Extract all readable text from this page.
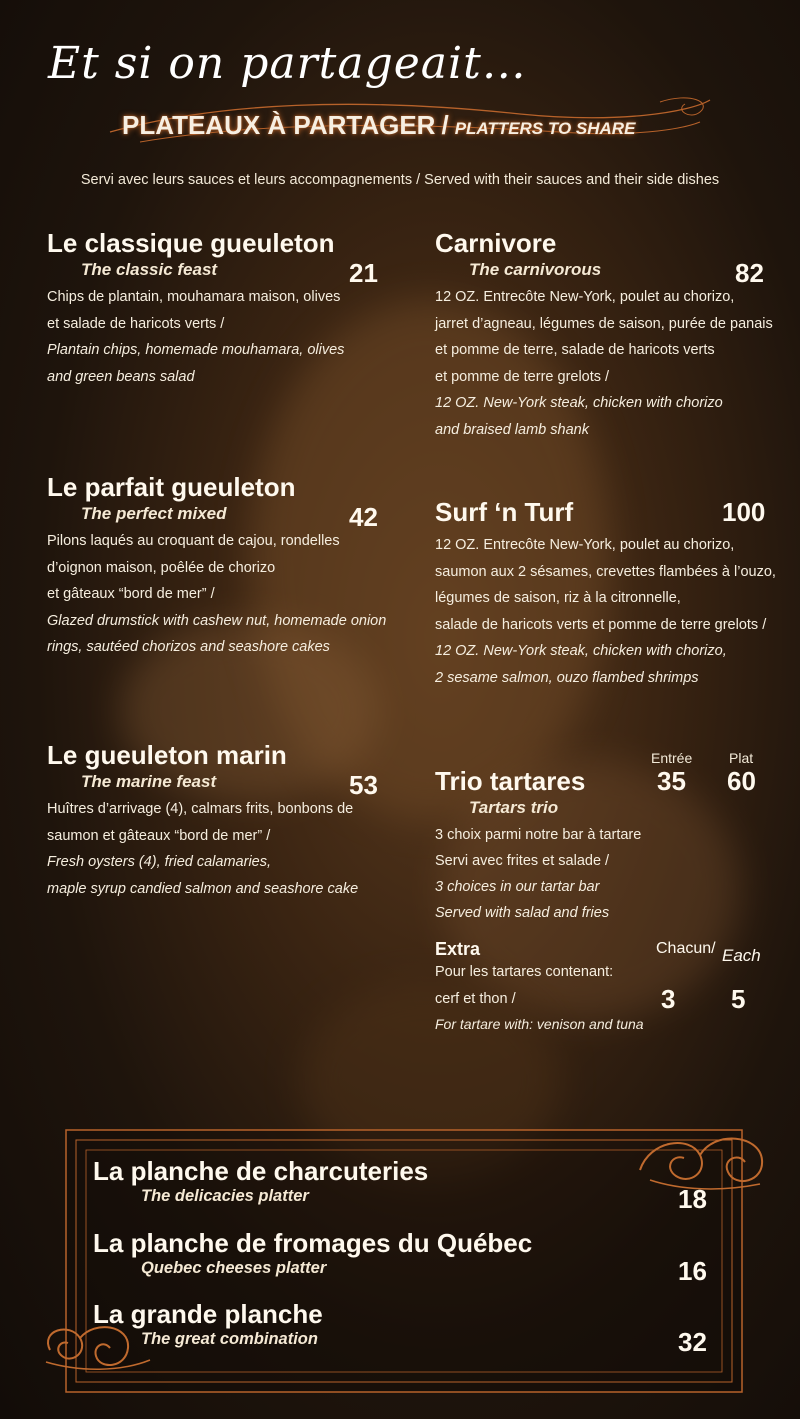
Et si on partageait…
PLATEAUX À PARTAGER / PLATTERS TO SHARE

Servi avec leurs sauces et leurs accompagnements / Served with their sauces and their side dishes

Le classique gueuleton
The classic feast	21

Chips de plantain, mouhamara maison, olives

et salade de haricots verts /

Plantain chips, homemade mouhamara, olives

and green beans salad

Le parfait gueuleton
The perfect mixed	42

Pilons laqués au croquant de cajou, rondelles

d’oignon maison, poêlée de chorizo

et gâteaux “bord de mer” /

Glazed drumstick with cashew nut, homemade onion

rings, sautéed chorizos and seashore cakes

Le gueuleton marin
The marine feast	53

Huîtres d’arrivage (4), calmars frits, bonbons de

saumon et gâteaux “bord de mer” /

Fresh oysters (4), fried calamaries,

maple syrup candied salmon and seashore cake

Carnivore
The carnivorous	82

12 OZ. Entrecôte New-York, poulet au chorizo,

jarret d’agneau, légumes de saison, purée de panais

et pomme de terre, salade de haricots verts

et pomme de terre grelots /

12 OZ. New-York steak, chicken with chorizo

and braised lamb shank

Surf ‘n Turf	100

12 OZ. Entrecôte New-York, poulet au chorizo,

saumon aux 2 sésames, crevettes flambées à l’ouzo,

légumes de saison, riz à la citronnelle,

salade de haricots verts et pomme de terre grelots /

12 OZ. New-York steak, chicken with chorizo,

2 sesame salmon, ouzo flambed shrimps

Entrée	Plat
Trio tartares	35 60
Tartars trio

3 choix parmi notre bar à tartare

Servi avec frites et salade /

3 choices in our tartar bar

Served with salad and fries

Extra	Chacun/ Each
Pour les tartares contenant:
cerf et thon /
For tartare with: venison and tuna
3 5
La planche de charcuteries
The delicacies platter	18
La planche de fromages du Québec
Quebec cheeses platter	16
La grande planche
The great combination	32
